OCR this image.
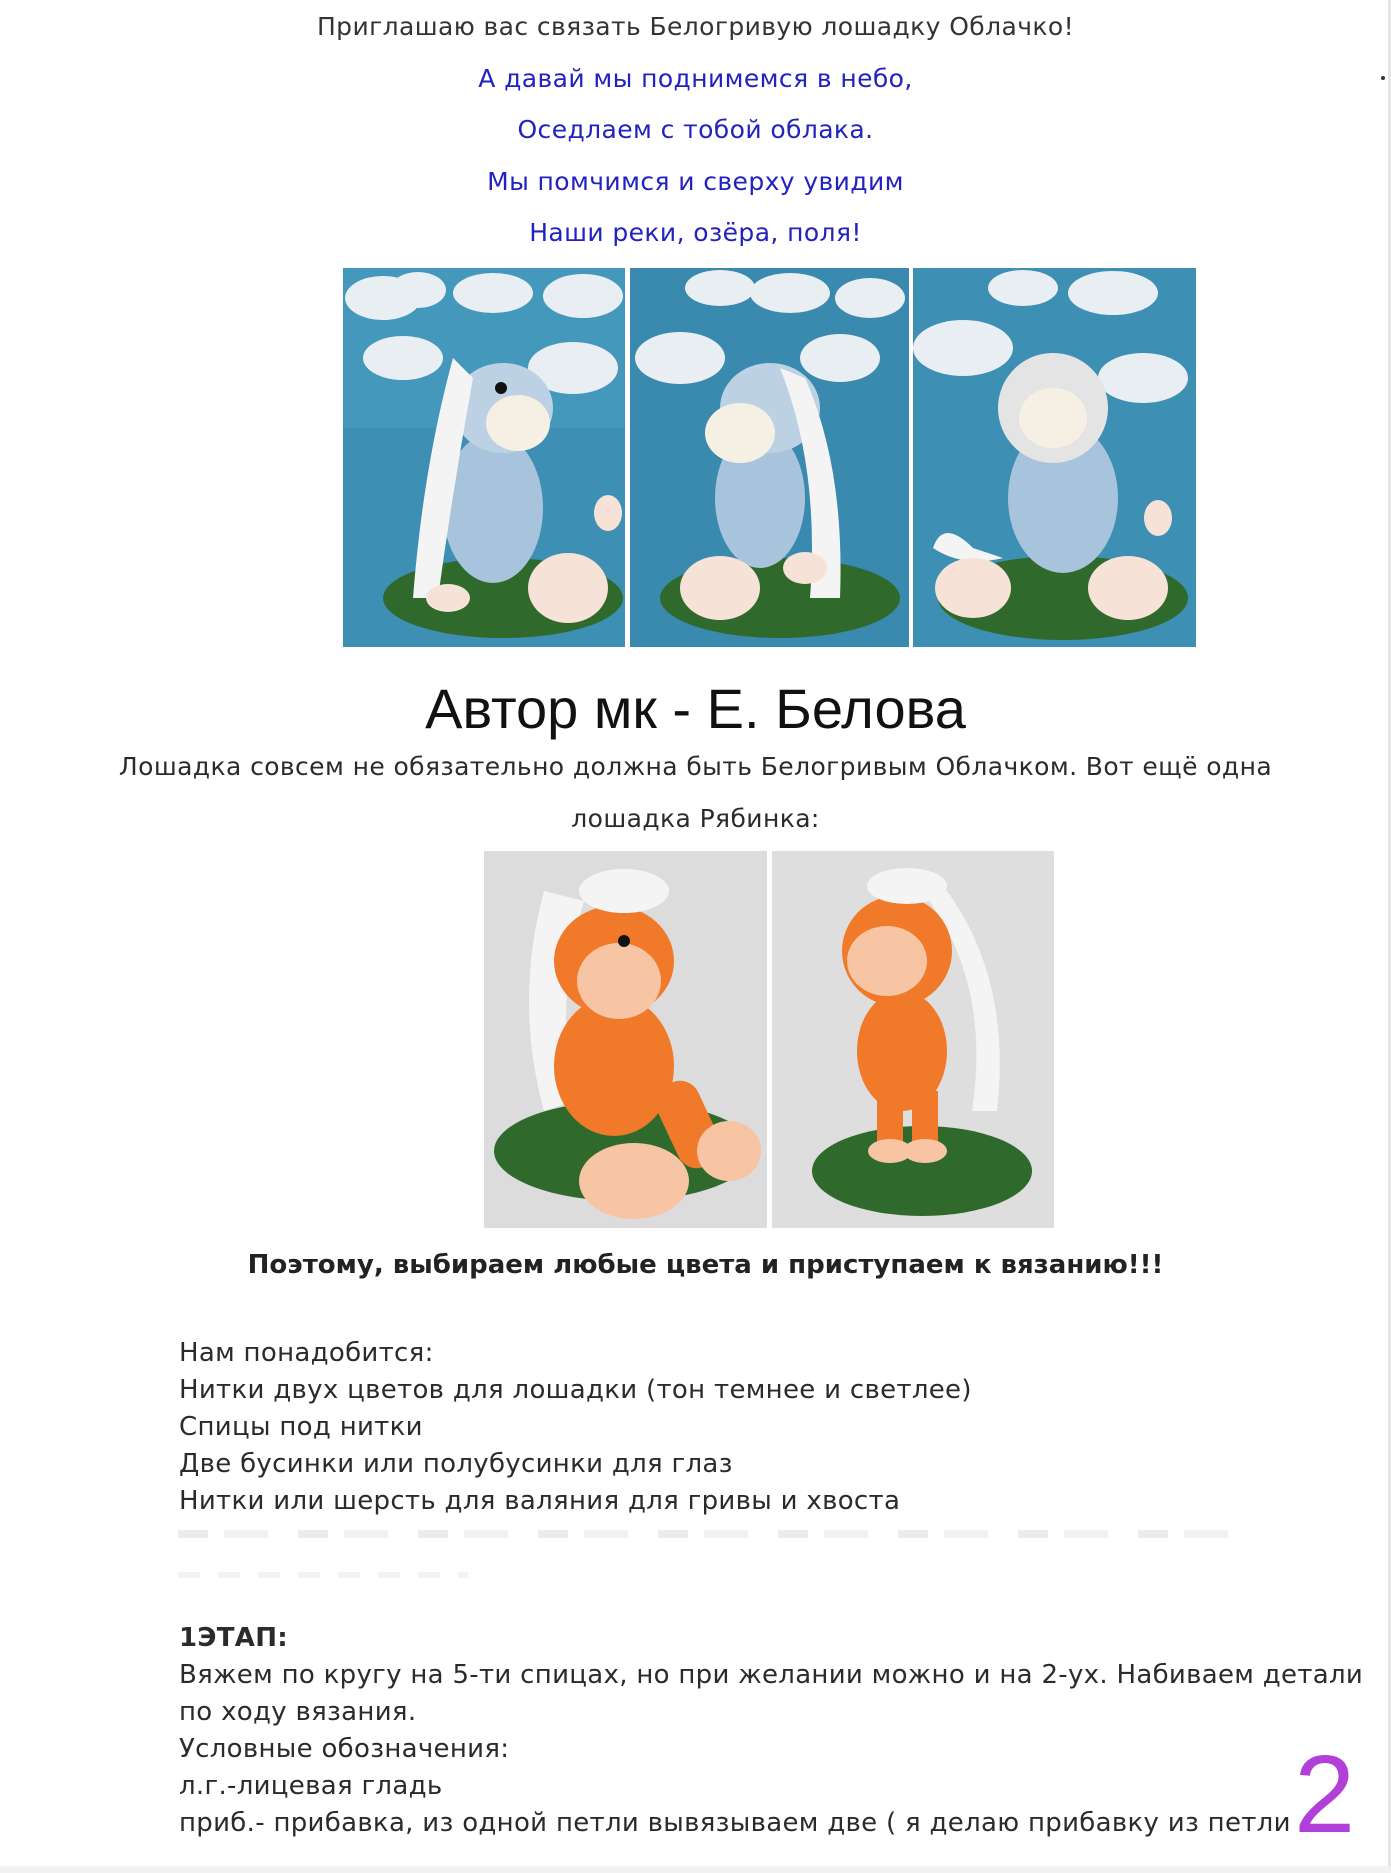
Приглашаю вас связать Белогривую лошадку Облачко!
А давай мы поднимемся в небо,
Оседлаем с тобой облака.
Мы помчимся и сверху увидим
Наши реки, озёра, поля!
Автор мк - Е. Белова
Лошадка совсем не обязательно должна быть Белогривым Облачком. Вот ещё одна
лошадка Рябинка:
Поэтому, выбираем любые цвета и приступаем к вязанию!!!
Нам понадобится:
Нитки двух цветов для лошадки (тон темнее и светлее)
Спицы под нитки
Две бусинки или полубусинки для глаз
Нитки или шерсть для валяния для гривы и хвоста
1ЭТАП:
Вяжем по кругу на 5-ти спицах, но при желании можно и на 2-ух. Набиваем детали
по ходу вязания.
Условные обозначения:
л.г.-лицевая гладь
приб.- прибавка, из одной петли вывязываем две ( я делаю прибавку из петли 2
